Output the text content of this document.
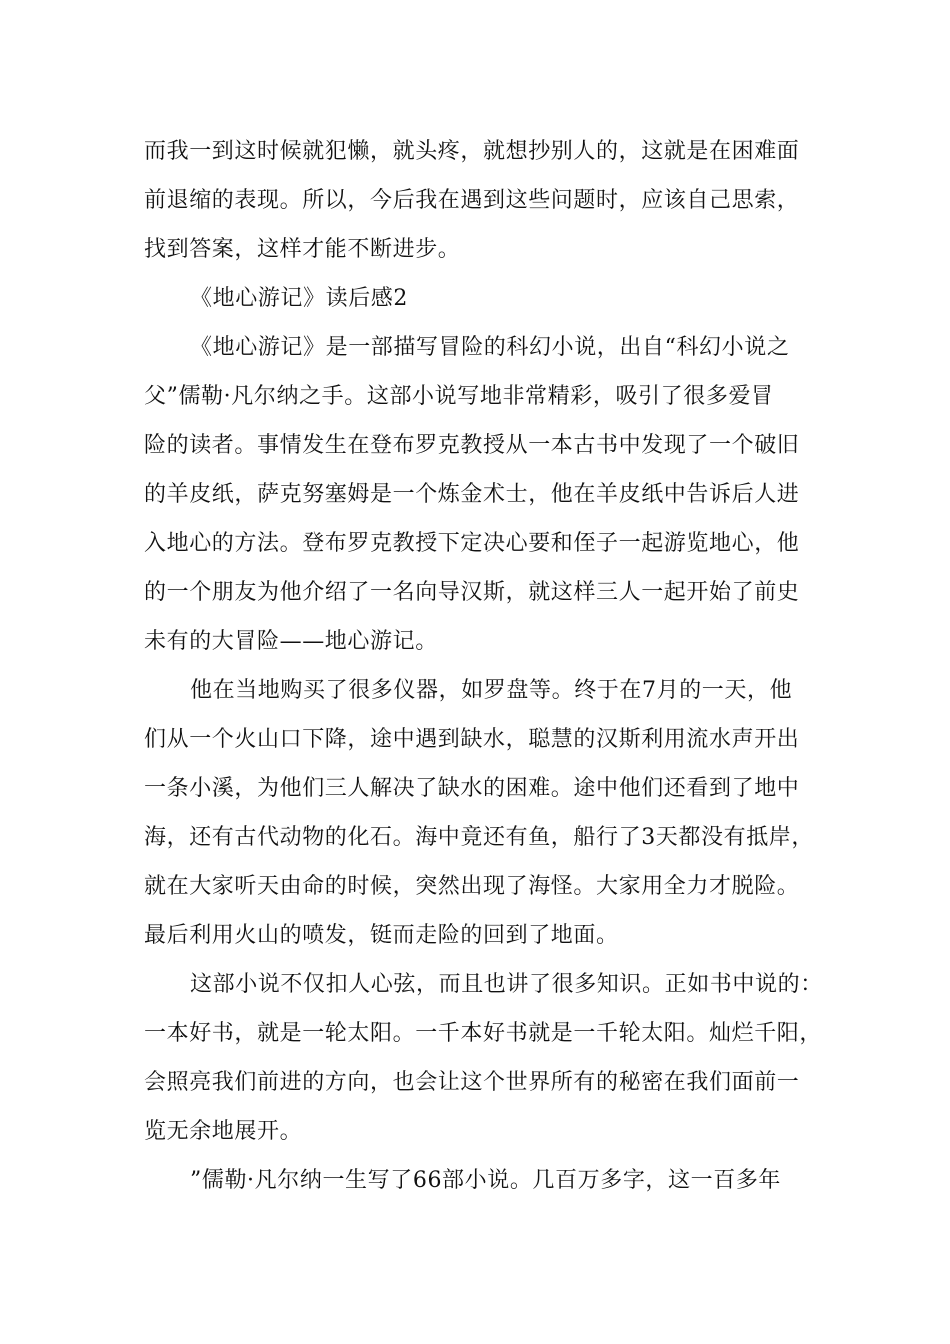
而我一到这时候就犯懒，就头疼，就想抄别人的，这就是在困难面
前退缩的表现。所以，今后我在遇到这些问题时，应该自己思索，
找到答案，这样才能不断进步。
《地心游记》读后感2
《地心游记》是一部描写冒险的科幻小说，出自“科幻小说之
父”儒勒·凡尔纳之手。这部小说写地非常精彩，吸引了很多爱冒
险的读者。事情发生在登布罗克教授从一本古书中发现了一个破旧
的羊皮纸，萨克努塞姆是一个炼金术士，他在羊皮纸中告诉后人进
入地心的方法。登布罗克教授下定决心要和侄子一起游览地心，他
的一个朋友为他介绍了一名向导汉斯，就这样三人一起开始了前史
未有的大冒险——地心游记。
他在当地购买了很多仪器，如罗盘等。终于在7月的一天，他
们从一个火山口下降，途中遇到缺水，聪慧的汉斯利用流水声开出
一条小溪，为他们三人解决了缺水的困难。途中他们还看到了地中
海，还有古代动物的化石。海中竟还有鱼，船行了3天都没有抵岸，
就在大家听天由命的时候，突然出现了海怪。大家用全力才脱险。
最后利用火山的喷发，铤而走险的回到了地面。
这部小说不仅扣人心弦，而且也讲了很多知识。正如书中说的：
一本好书，就是一轮太阳。一千本好书就是一千轮太阳。灿烂千阳，
会照亮我们前进的方向，也会让这个世界所有的秘密在我们面前一
览无余地展开。
”儒勒·凡尔纳一生写了66部小说。几百万多字，这一百多年
